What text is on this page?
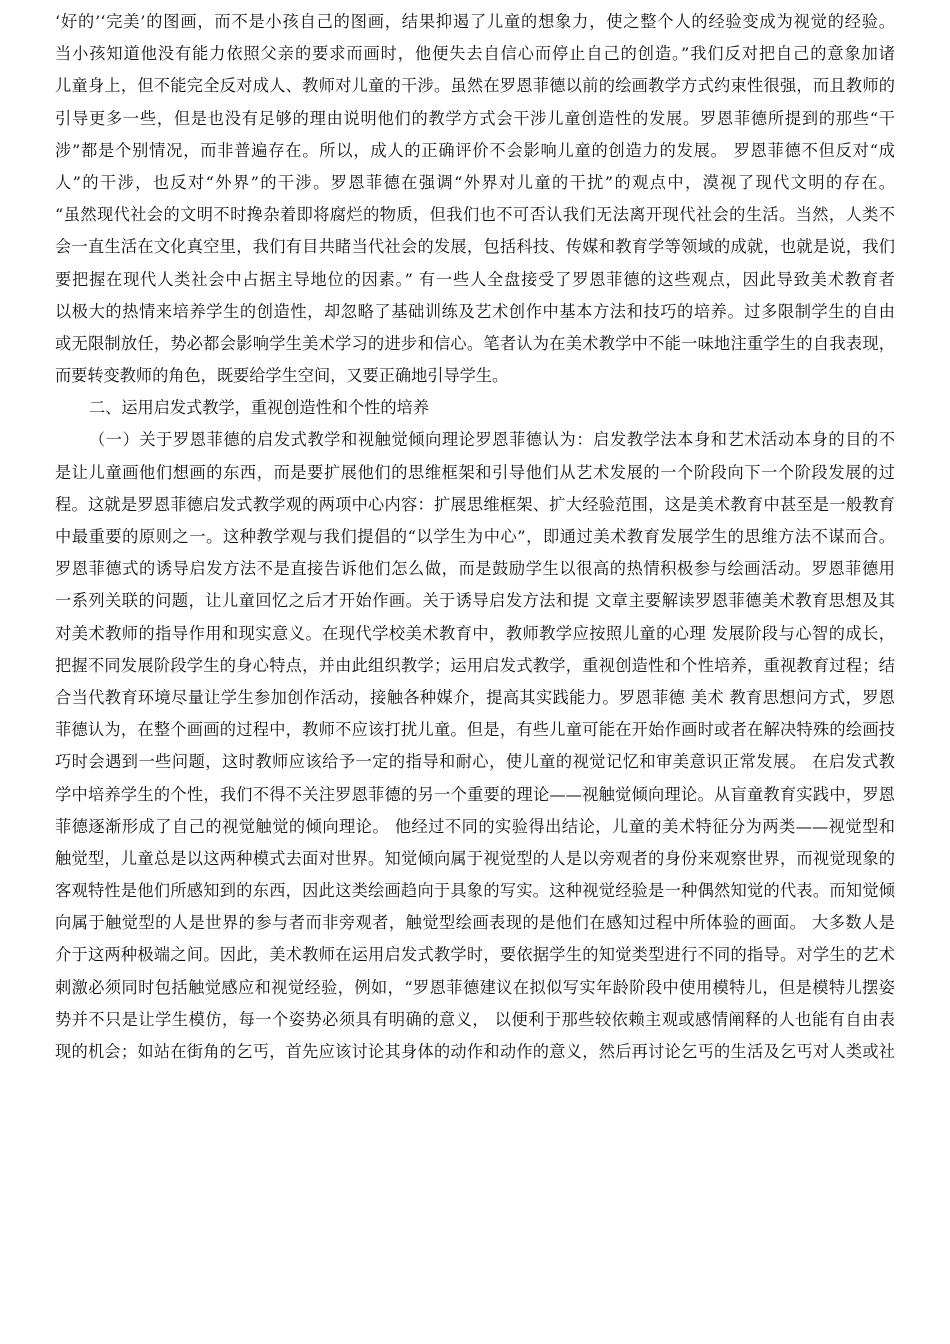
‘好的’‘完美’的图画，而不是小孩自己的图画，结果抑遏了儿童的想象力，使之整个人的经验变成为视觉的经验。
当小孩知道他没有能力依照父亲的要求而画时，他便失去自信心而停止自己的创造。”我们反对把自己的意象加诸
儿童身上，但不能完全反对成人、教师对儿童的干涉。虽然在罗恩菲德以前的绘画教学方式约束性很强，而且教师的
引导更多一些，但是也没有足够的理由说明他们的教学方式会干涉儿童创造性的发展。罗恩菲德所提到的那些“干
涉”都是个别情况，而非普遍存在。所以，成人的正确评价不会影响儿童的创造力的发展。 罗恩菲德不但反对“成
人”的干涉，也反对“外界”的干涉。罗恩菲德在强调“外界对儿童的干扰”的观点中，漠视了现代文明的存在。
“虽然现代社会的文明不时搀杂着即将腐烂的物质，但我们也不可否认我们无法离开现代社会的生活。当然，人类不
会一直生活在文化真空里，我们有目共睹当代社会的发展，包括科技、传媒和教育学等领域的成就，也就是说，我们
要把握在现代人类社会中占据主导地位的因素。” 有一些人全盘接受了罗恩菲德的这些观点，因此导致美术教育者
以极大的热情来培养学生的创造性，却忽略了基础训练及艺术创作中基本方法和技巧的培养。过多限制学生的自由
或无限制放任，势必都会影响学生美术学习的进步和信心。笔者认为在美术教学中不能一味地注重学生的自我表现，
而要转变教师的角色，既要给学生空间，又要正确地引导学生。
二、运用启发式教学，重视创造性和个性的培养
（一）关于罗恩菲德的启发式教学和视触觉倾向理论罗恩菲德认为：启发教学法本身和艺术活动本身的目的不
是让儿童画他们想画的东西，而是要扩展他们的思维框架和引导他们从艺术发展的一个阶段向下一个阶段发展的过
程。这就是罗恩菲德启发式教学观的两项中心内容：扩展思维框架、扩大经验范围，这是美术教育中甚至是一般教育
中最重要的原则之一。这种教学观与我们提倡的“以学生为中心”，即通过美术教育发展学生的思维方法不谋而合。
罗恩菲德式的诱导启发方法不是直接告诉他们怎么做，而是鼓励学生以很高的热情积极参与绘画活动。罗恩菲德用
一系列关联的问题，让儿童回忆之后才开始作画。关于诱导启发方法和提 文章主要解读罗恩菲德美术教育思想及其
对美术教师的指导作用和现实意义。在现代学校美术教育中，教师教学应按照儿童的心理 发展阶段与心智的成长，
把握不同发展阶段学生的身心特点，并由此组织教学；运用启发式教学，重视创造性和个性培养，重视教育过程；结
合当代教育环境尽量让学生参加创作活动，接触各种媒介，提高其实践能力。罗恩菲德 美术 教育思想问方式，罗恩
菲德认为，在整个画画的过程中，教师不应该打扰儿童。但是，有些儿童可能在开始作画时或者在解决特殊的绘画技
巧时会遇到一些问题，这时教师应该给予一定的指导和耐心，使儿童的视觉记忆和审美意识正常发展。 在启发式教
学中培养学生的个性，我们不得不关注罗恩菲德的另一个重要的理论——视触觉倾向理论。从盲童教育实践中，罗恩
菲德逐渐形成了自己的视觉触觉的倾向理论。 他经过不同的实验得出结论，儿童的美术特征分为两类——视觉型和
触觉型，儿童总是以这两种模式去面对世界。知觉倾向属于视觉型的人是以旁观者的身份来观察世界，而视觉现象的
客观特性是他们所感知到的东西，因此这类绘画趋向于具象的写实。这种视觉经验是一种偶然知觉的代表。而知觉倾
向属于触觉型的人是世界的参与者而非旁观者，触觉型绘画表现的是他们在感知过程中所体验的画面。 大多数人是
介于这两种极端之间。因此，美术教师在运用启发式教学时，要依据学生的知觉类型进行不同的指导。对学生的艺术
刺激必须同时包括触觉感应和视觉经验，例如，“罗恩菲德建议在拟似写实年龄阶段中使用模特儿，但是模特儿摆姿
势并不只是让学生模仿，每一个姿势必须具有明确的意义， 以便利于那些较依赖主观或感情阐释的人也能有自由表
现的机会；如站在街角的乞丐，首先应该讨论其身体的动作和动作的意义，然后再讨论乞丐的生活及乞丐对人类或社
